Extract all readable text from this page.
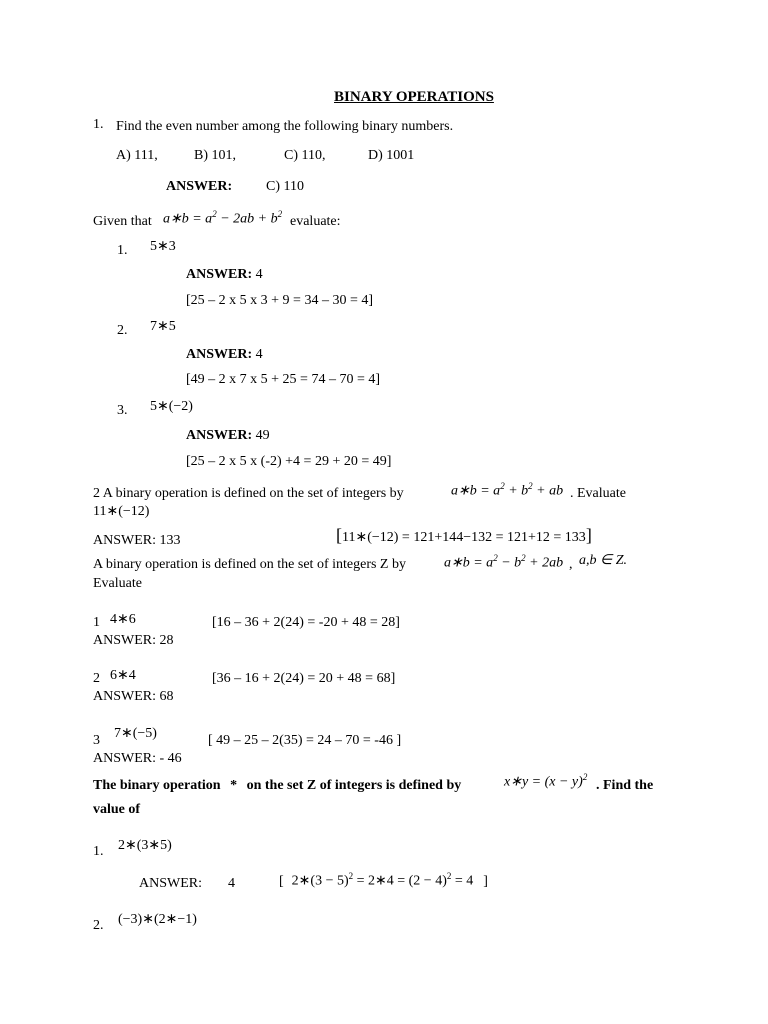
BINARY OPERATIONS
1. Find the even number among the following binary numbers.
A) 111,	B) 101,	C) 110,	D) 1001
ANSWER: C) 110
Given that a∗b = $a^2 - 2ab + b^2$ evaluate:
1. 5∗3
ANSWER: 4
[25 – 2 x 5 x 3 + 9 = 34 – 30 = 4]
2. 7∗5
ANSWER: 4
[49 – 2 x 7 x 5 + 25 = 74 – 70 = 4]
3. 5∗(−2)
ANSWER: 49
[25 – 2 x 5 x (-2) +4 = 29 + 20 = 49]
2 A binary operation is defined on the set of integers by	a∗b = $a^2 + b^2$ + ab . Evaluate
11∗(−12)
ANSWER: 133	[11∗(−12) = 121+144−132 = 121+12 = 133]
A binary operation is defined on the set of integers Z by	a∗b = $a^2 - b^2 + 2ab$ , a,b ∈ Z.
Evaluate
1 4∗6	[16 – 36 + 2(24) = -20 + 48 = 28]
ANSWER: 28
2 6∗4	[36 – 16 + 2(24) = 20 + 48 = 68]
ANSWER: 68
3 7∗(−5)	[ 49 – 25 – 2(35) = 24 – 70 = -46 ]
ANSWER: - 46
The binary operation * on the set Z of integers is defined by	x∗y = $(x - y)^2$
. Find the
value of
1. 2∗(3∗5)
ANSWER: 4	[ 2∗(3 − 5)$^2$ = 2∗4 = $(2 - 4)^2 = 4$ ]
2. (−3)∗(2∗−1)
